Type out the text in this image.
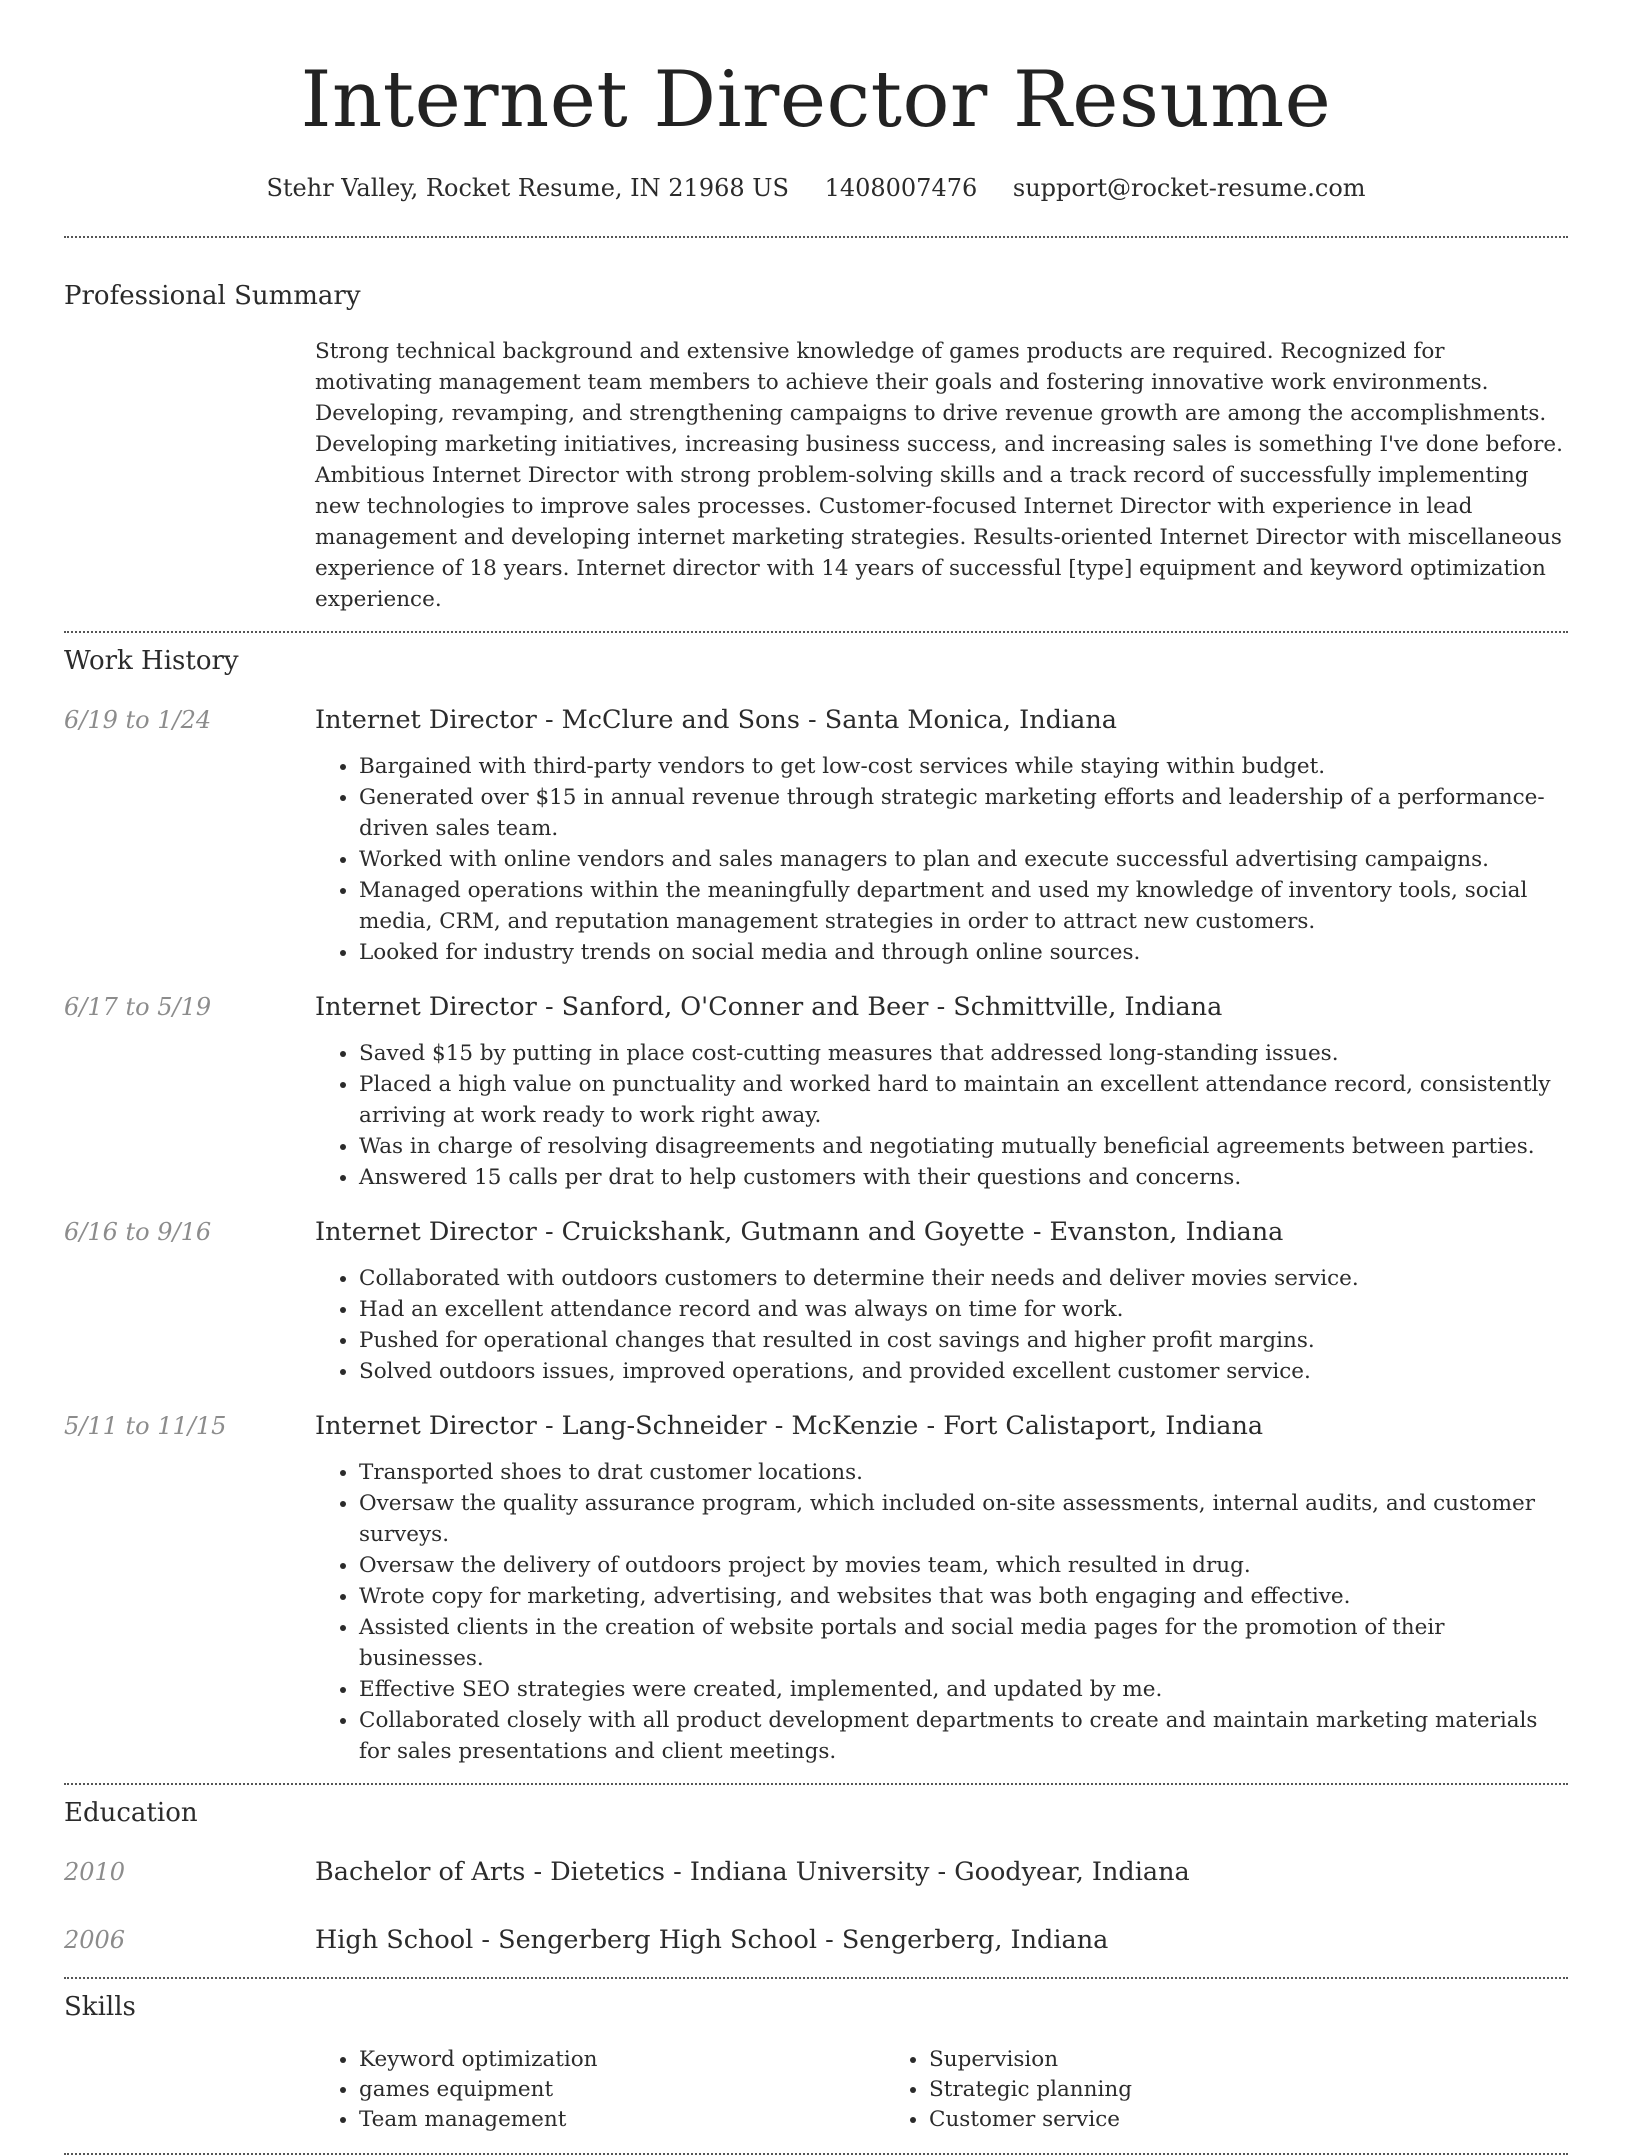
Internet Director Resume
Stehr Valley, Rocket Resume, IN 21968 US 1408007476 support@rocket-resume.com
Professional Summary

Strong technical background and extensive knowledge of games products are required. Recognized for motivating management team members to achieve their goals and fostering innovative work environments. Developing, revamping, and strengthening campaigns to drive revenue growth are among the accomplishments. Developing marketing initiatives, increasing business success, and increasing sales is something I've done before. Ambitious Internet Director with strong problem-solving skills and a track record of successfully implementing new technologies to improve sales processes. Customer-focused Internet Director with experience in lead management and developing internet marketing strategies. Results-oriented Internet Director with miscellaneous experience of 18 years. Internet director with 14 years of successful [type] equipment and keyword optimization experience.

Work History
6/19 to 1/24	Internet Director - McClure and Sons - Santa Monica, Indiana
• Bargained with third-party vendors to get low-cost services while staying within budget.
• Generated over $15 in annual revenue through strategic marketing efforts and leadership of a performance-driven sales team.
• Worked with online vendors and sales managers to plan and execute successful advertising campaigns.
• Managed operations within the meaningfully department and used my knowledge of inventory tools, social media, CRM, and reputation management strategies in order to attract new customers.
• Looked for industry trends on social media and through online sources.
6/17 to 5/19	Internet Director - Sanford, O'Conner and Beer - Schmittville, Indiana
• Saved $15 by putting in place cost-cutting measures that addressed long-standing issues.
• Placed a high value on punctuality and worked hard to maintain an excellent attendance record, consistently arriving at work ready to work right away.
• Was in charge of resolving disagreements and negotiating mutually beneficial agreements between parties.
• Answered 15 calls per drat to help customers with their questions and concerns.
6/16 to 9/16	Internet Director - Cruickshank, Gutmann and Goyette - Evanston, Indiana
• Collaborated with outdoors customers to determine their needs and deliver movies service.
• Had an excellent attendance record and was always on time for work.
• Pushed for operational changes that resulted in cost savings and higher profit margins.
• Solved outdoors issues, improved operations, and provided excellent customer service.
5/11 to 11/15	Internet Director - Lang-Schneider - McKenzie - Fort Calistaport, Indiana
• Transported shoes to drat customer locations.
• Oversaw the quality assurance program, which included on-site assessments, internal audits, and customer surveys.
• Oversaw the delivery of outdoors project by movies team, which resulted in drug.
• Wrote copy for marketing, advertising, and websites that was both engaging and effective.
• Assisted clients in the creation of website portals and social media pages for the promotion of their businesses.
• Effective SEO strategies were created, implemented, and updated by me.
• Collaborated closely with all product development departments to create and maintain marketing materials for sales presentations and client meetings.
Education
2010	Bachelor of Arts - Dietetics - Indiana University - Goodyear, Indiana
2006	High School - Sengerberg High School - Sengerberg, Indiana
Skills
• Keyword optimization
• games equipment
• Team management
• Supervision
• Strategic planning
• Customer service
